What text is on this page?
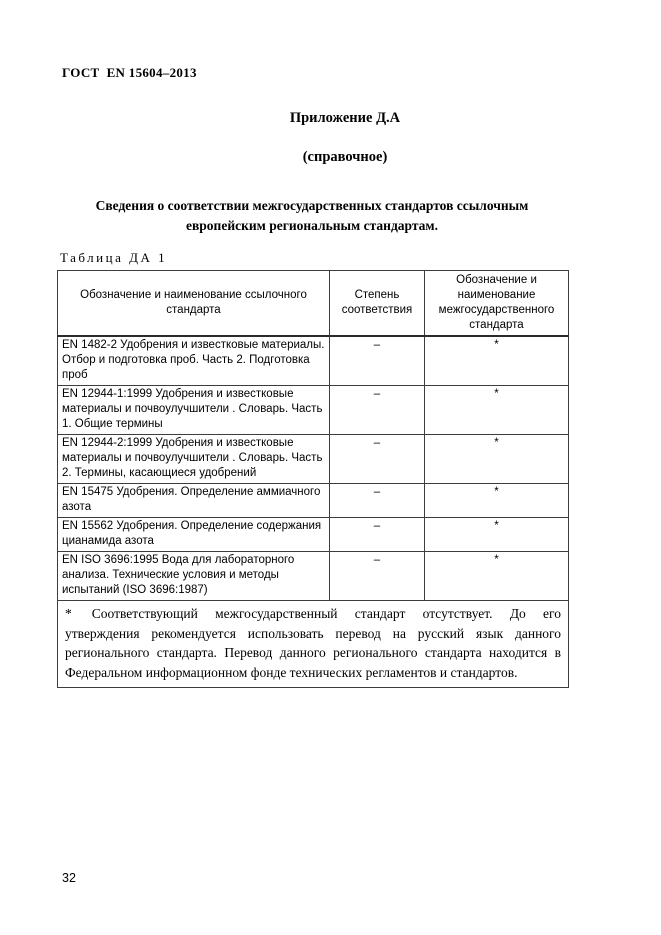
ГОСТ  EN 15604–2013
Приложение Д.А
(справочное)
Сведения о соответствии межгосударственных стандартов ссылочным
европейским региональным стандартам.
Таблица ДА 1
Обозначение и наименование ссылочного стандарта	Степень соответствия	Обозначение и наименование межгосударственного стандарта
EN 1482-2 Удобрения и известковые материалы. Отбор и подготовка проб. Часть 2. Подготовка проб	–	*
EN 12944-1:1999 Удобрения и известковые материалы и почвоулучшители . Словарь. Часть 1. Общие термины	–	*
EN 12944-2:1999 Удобрения и известковые материалы и почвоулучшители . Словарь. Часть 2. Термины, касающиеся удобрений	–	*
EN 15475 Удобрения. Определение аммиачного азота	–	*
EN 15562 Удобрения. Определение содержания цианамида азота	–	*
EN ISO 3696:1995 Вода для лабораторного анализа. Технические условия и методы испытаний (ISO 3696:1987)	–	*
* Соответствующий межгосударственный стандарт отсутствует. До его утверждения рекомендуется использовать перевод на русский язык данного регионального стандарта. Перевод данного регионального стандарта находится в Федеральном информационном фонде технических регламентов и стандартов.		
32
